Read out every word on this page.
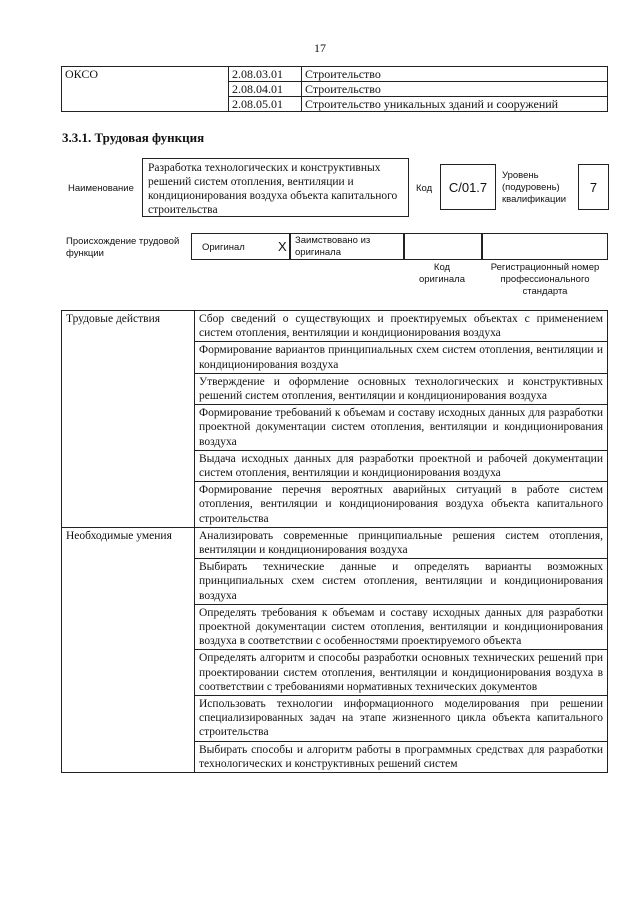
17
ОКСО	2.08.03.01	Строительство
	2.08.04.01	Строительство
	2.08.05.01	Строительство уникальных зданий и сооружений
3.3.1. Трудовая функция
Наименование
Разработка технологических и конструктивных решений систем отопления, вентиляции и кондиционирования воздуха объекта капитального строительства
Код	С/01.7
Уровень (подуровень) квалификации
7
Происхождение трудовой функции
Оригинал	X Заимствовано из оригинала
Код оригинала
Регистрационный номер профессионального стандарта
Трудовые действия	Сбор сведений о существующих и проектируемых объектах с применением систем отопления, вентиляции и кондиционирования воздуха
	Формирование вариантов принципиальных схем систем отопления, вентиляции и кондиционирования воздуха
	Утверждение и оформление основных технологических и конструктивных решений систем отопления, вентиляции и кондиционирования воздуха
	Формирование требований к объемам и составу исходных данных для разработки проектной документации систем отопления, вентиляции и кондиционирования воздуха
	Выдача исходных данных для разработки проектной и рабочей документации систем отопления, вентиляции и кондиционирования воздуха
	Формирование перечня вероятных аварийных ситуаций в работе систем отопления, вентиляции и кондиционирования воздуха объекта капитального строительства
Необходимые умения	Анализировать современные принципиальные решения систем отопления, вентиляции и кондиционирования воздуха
	Выбирать технические данные и определять варианты возможных принципиальных схем систем отопления, вентиляции и кондиционирования воздуха
	Определять требования к объемам и составу исходных данных для разработки проектной документации систем отопления, вентиляции и кондиционирования воздуха в соответствии с особенностями проектируемого объекта
	Определять алгоритм и способы разработки основных технических решений при проектировании систем отопления, вентиляции и кондиционирования воздуха в соответствии с требованиями нормативных технических документов
	Использовать технологии информационного моделирования при решении специализированных задач на этапе жизненного цикла объекта капитального строительства
	Выбирать способы и алгоритм работы в программных средствах для разработки технологических и конструктивных решений систем
